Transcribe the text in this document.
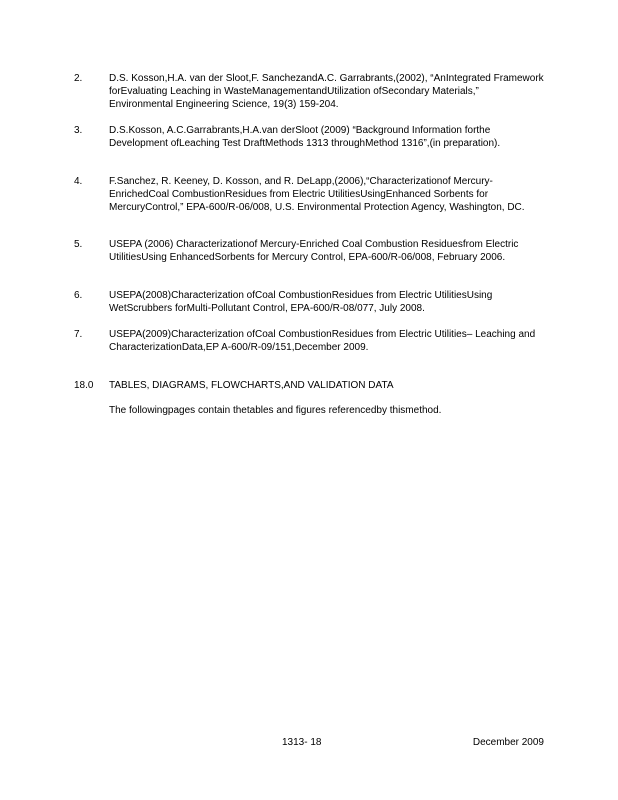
2.	D.S. Kosson,H.A. van der Sloot,F. SanchezandA.C. Garrabrants,(2002), “AnIntegrated Framework forEvaluating Leaching in WasteManagementandUtilization ofSecondary Materials,” Environmental Engineering Science, 19(3) 159-204.
3.	D.S.Kosson, A.C.Garrabrants,H.A.van derSloot (2009) “Background Information forthe Development ofLeaching Test DraftMethods 1313 throughMethod 1316”,(in preparation).
4.	F.Sanchez, R. Keeney, D. Kosson, and R. DeLapp,(2006),“Characterizationof Mercury-EnrichedCoal CombustionResidues from Electric UtilitiesUsingEnhanced Sorbents for MercuryControl,” EPA-600/R-06/008, U.S. Environmental Protection Agency, Washington, DC.
5.	USEPA (2006) Characterizationof Mercury-Enriched Coal Combustion Residuesfrom Electric UtilitiesUsing EnhancedSorbents for Mercury Control, EPA-600/R-06/008, February 2006.
6.	USEPA(2008)Characterization ofCoal CombustionResidues from Electric UtilitiesUsing WetScrubbers forMulti-Pollutant Control, EPA-600/R-08/077, July 2008.
7.	USEPA(2009)Characterization ofCoal CombustionResidues from Electric Utilities– Leaching and CharacterizationData,EP A-600/R-09/151,December 2009.
18.0 TABLES, DIAGRAMS, FLOWCHARTS,AND VALIDATION DATA
The followingpages contain thetables and figures referencedby thismethod.
1313- 18	December 2009
